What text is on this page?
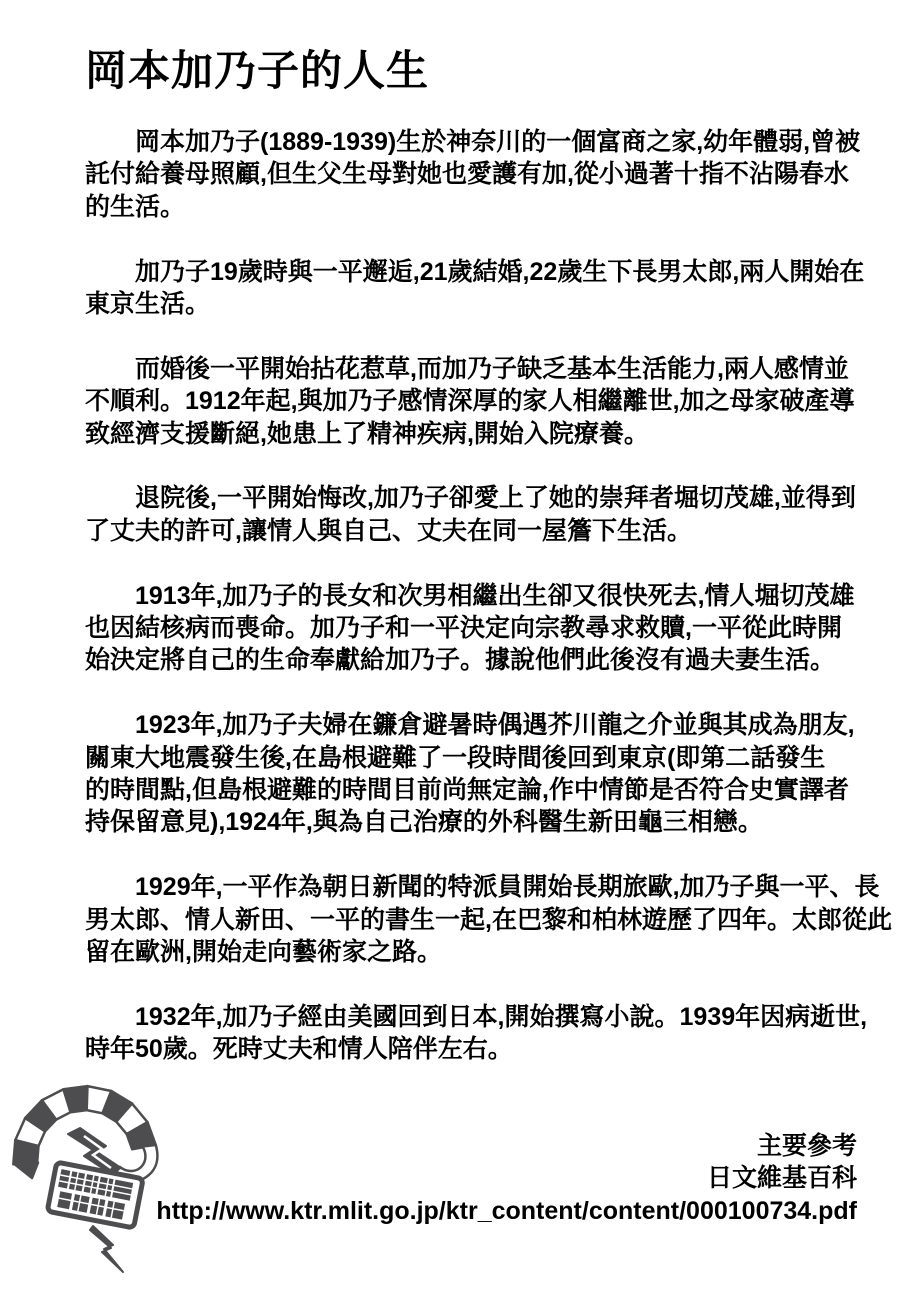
岡本加乃子的人生

岡本加乃子(1889-1939)生於神奈川的一個富商之家,幼年體弱,曾被
託付給養母照顧,但生父生母對她也愛護有加,從小過著十指不沾陽春水
的生活。

加乃子19歲時與一平邂逅,21歲結婚,22歲生下長男太郎,兩人開始在
東京生活。

而婚後一平開始拈花惹草,而加乃子缺乏基本生活能力,兩人感情並
不順利。1912年起,與加乃子感情深厚的家人相繼離世,加之母家破產導
致經濟支援斷絕,她患上了精神疾病,開始入院療養。

退院後,一平開始悔改,加乃子卻愛上了她的崇拜者堀切茂雄,並得到
了丈夫的許可,讓情人與自己、丈夫在同一屋簷下生活。

1913年,加乃子的長女和次男相繼出生卻又很快死去,情人堀切茂雄
也因結核病而喪命。加乃子和一平決定向宗教尋求救贖,一平從此時開
始決定將自己的生命奉獻給加乃子。據說他們此後沒有過夫妻生活。

1923年,加乃子夫婦在鐮倉避暑時偶遇芥川龍之介並與其成為朋友,
關東大地震發生後,在島根避難了一段時間後回到東京(即第二話發生
的時間點,但島根避難的時間目前尚無定論,作中情節是否符合史實譯者
持保留意見),1924年,與為自己治療的外科醫生新田龜三相戀。

1929年,一平作為朝日新聞的特派員開始長期旅歐,加乃子與一平、長
男太郎、情人新田、一平的書生一起,在巴黎和柏林遊歷了四年。太郎從此
留在歐洲,開始走向藝術家之路。

1932年,加乃子經由美國回到日本,開始撰寫小說。1939年因病逝世,
時年50歲。死時丈夫和情人陪伴左右。

主要參考
日文維基百科
http://www.ktr.mlit.go.jp/ktr_content/content/000100734.pdf
